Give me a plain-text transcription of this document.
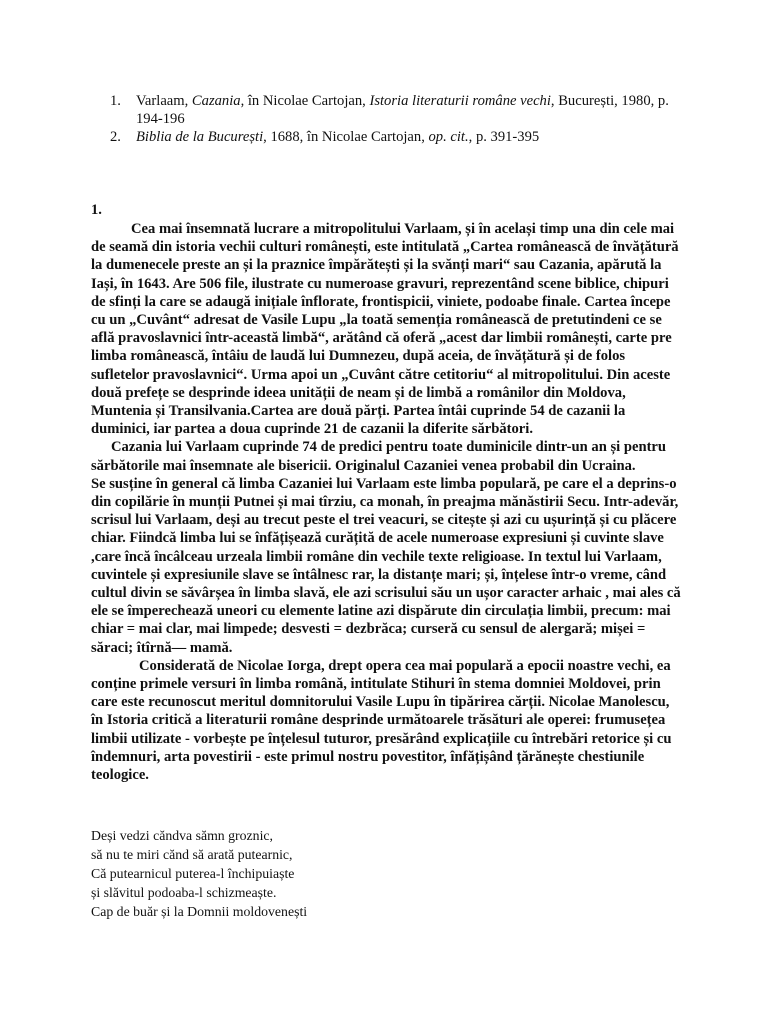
1. Varlaam, Cazania, în Nicolae Cartojan, Istoria literaturii române vechi, București, 1980, p. 194-196
2. Biblia de la București, 1688, în Nicolae Cartojan, op. cit., p. 391-395
1.

Cea mai însemnată lucrare a mitropolitului Varlaam, și în același timp una din cele mai de seamă din istoria vechii culturi românești, este intitulată „Cartea românească de învățătură la dumenecele preste an și la praznice împărătești și la svănți mari“ sau Cazania, apărută la Iași, în 1643. Are 506 file, ilustrate cu numeroase gravuri, reprezentând scene biblice, chipuri de sfinți la care se adaugă inițiale înflorate, frontispicii, viniete, podoabe finale. Cartea începe cu un „Cuvânt“ adresat de Vasile Lupu „la toată semenția românească de pretutindeni ce se află pravoslavnici într-această limbă“, arătând că oferă „acest dar limbii românești, carte pre limba românească, întâiu de laudă lui Dumnezeu, după aceia, de învățătură și de folos sufletelor pravoslavnici“. Urma apoi un „Cuvânt către cetitoriu“ al mitropolitului. Din aceste două prefețe se desprinde ideea unității de neam și de limbă a românilor din Moldova, Muntenia și Transilvania.Cartea are două părți. Partea întâi cuprinde 54 de cazanii la duminici, iar partea a doua cuprinde 21 de cazanii la diferite sărbători.

Cazania lui Varlaam cuprinde 74 de predici pentru toate duminicile dintr-un an și pentru sărbătorile mai însemnate ale bisericii. Originalul Cazaniei venea probabil din Ucraina.

Se susține în general că limba Cazaniei lui Varlaam este limba populară, pe care el a deprins-o din copilărie în munții Putnei și mai tîrziu, ca monah, în preajma mănăstirii Secu. Intr-adevăr, scrisul lui Varlaam, deși au trecut peste el trei veacuri, se citește și azi cu ușurință și cu plăcere chiar. Fiindcă limba lui se înfățișează curățită de acele numeroase expresiuni și cuvinte slave ,care încă încâlceau urzeala limbii române din vechile texte religioase. In textul lui Varlaam, cuvintele și expresiunile slave se întâlnesc rar, la distanțe mari; și, înțelese într-o vreme, când cultul divin se săvârșea în limba slavă, ele azi scrisului său un ușor caracter arhaic , mai ales că ele se împerechează uneori cu elemente latine azi dispărute din circulația limbii, precum: mai chiar = mai clar, mai limpede; desvesti = dezbrăca; curseră cu sensul de alergară; mișei = săraci; îtîrnă— mamă.

Considerată de Nicolae Iorga, drept opera cea mai populară a epocii noastre vechi, ea conține primele versuri în limba română, intitulate Stihuri în stema domniei Moldovei, prin care este recunoscut meritul domnitorului Vasile Lupu în tipărirea cărții. Nicolae Manolescu, în Istoria critică a literaturii române desprinde următoarele trăsături ale operei: frumusețea limbii utilizate - vorbește pe înțelesul tuturor, presărând explicațiile cu întrebări retorice și cu îndemnuri, arta povestirii - este primul nostru povestitor, înfățișând țărănește chestiunile teologice.

Deși vedzi căndva sămn groznic,
să nu te miri cănd să arată putearnic,
Că putearnicul puterea-l închipuiaște
și slăvitul podoaba-l schizmeaște.
Cap de buăr și la Domnii moldovenești
